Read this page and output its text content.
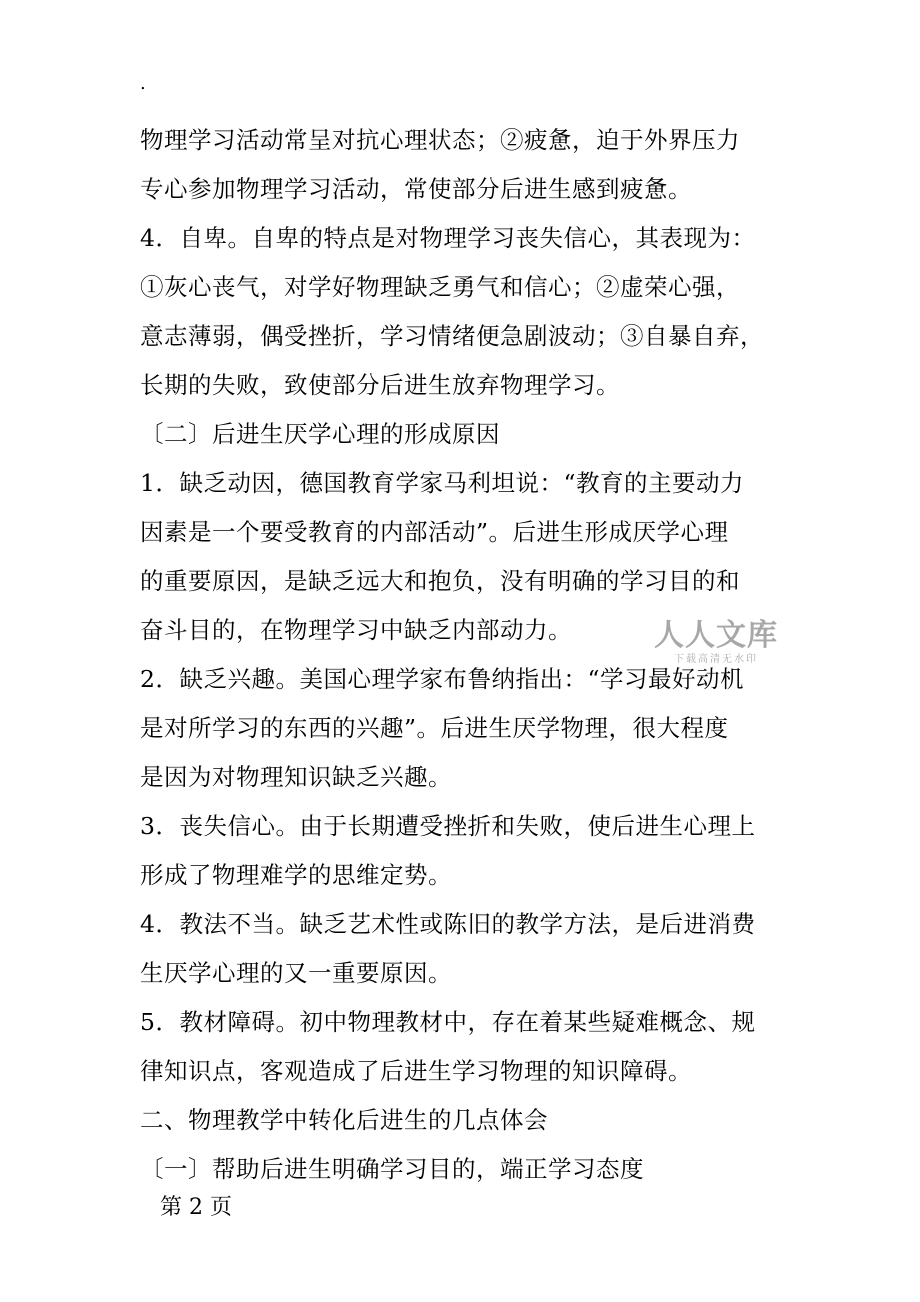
.
物理学习活动常呈对抗心理状态；②疲惫，迫于外界压力
专心参加物理学习活动，常使部分后进生感到疲惫。
4．自卑。自卑的特点是对物理学习丧失信心，其表现为：
①灰心丧气，对学好物理缺乏勇气和信心；②虚荣心强，
意志薄弱，偶受挫折，学习情绪便急剧波动；③自暴自弃，
长期的失败，致使部分后进生放弃物理学习。
〔二〕后进生厌学心理的形成原因
1．缺乏动因，德国教育学家马利坦说：“教育的主要动力
因素是一个要受教育的内部活动”。后进生形成厌学心理
的重要原因，是缺乏远大和抱负，没有明确的学习目的和
奋斗目的，在物理学习中缺乏内部动力。
2．缺乏兴趣。美国心理学家布鲁纳指出：“学习最好动机
是对所学习的东西的兴趣”。后进生厌学物理，很大程度
是因为对物理知识缺乏兴趣。
3．丧失信心。由于长期遭受挫折和失败，使后进生心理上
形成了物理难学的思维定势。
4．教法不当。缺乏艺术性或陈旧的教学方法，是后进消费
生厌学心理的又一重要原因。
5．教材障碍。初中物理教材中，存在着某些疑难概念、规
律知识点，客观造成了后进生学习物理的知识障碍。
二、物理教学中转化后进生的几点体会
〔一〕帮助后进生明确学习目的，端正学习态度
人人文库
下载高清无水印
第 2 页
